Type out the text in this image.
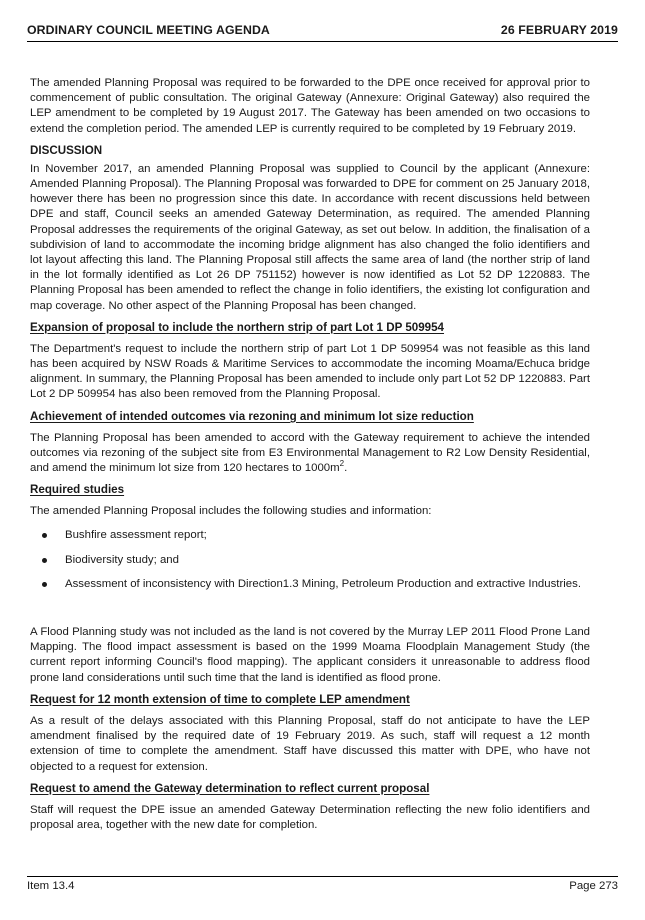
ORDINARY COUNCIL MEETING AGENDA	26 FEBRUARY 2019

The amended Planning Proposal was required to be forwarded to the DPE once received for approval prior to commencement of public consultation. The original Gateway (Annexure: Original Gateway) also required the LEP amendment to be completed by 19 August 2017. The Gateway has been amended on two occasions to extend the completion period. The amended LEP is currently required to be completed by 19 February 2019.

DISCUSSION

In November 2017, an amended Planning Proposal was supplied to Council by the applicant (Annexure: Amended Planning Proposal). The Planning Proposal was forwarded to DPE for comment on 25 January 2018, however there has been no progression since this date. In accordance with recent discussions held between DPE and staff, Council seeks an amended Gateway Determination, as required. The amended Planning Proposal addresses the requirements of the original Gateway, as set out below. In addition, the finalisation of a subdivision of land to accommodate the incoming bridge alignment has also changed the folio identifiers and lot layout affecting this land. The Planning Proposal still affects the same area of land (the norther strip of land in the lot formally identified as Lot 26 DP 751152) however is now identified as Lot 52 DP 1220883. The Planning Proposal has been amended to reflect the change in folio identifiers, the existing lot configuration and map coverage. No other aspect of the Planning Proposal has been changed.

Expansion of proposal to include the northern strip of part Lot 1 DP 509954

The Department's request to include the northern strip of part Lot 1 DP 509954 was not feasible as this land has been acquired by NSW Roads & Maritime Services to accommodate the incoming Moama/Echuca bridge alignment. In summary, the Planning Proposal has been amended to include only part Lot 52 DP 1220883. Part Lot 2 DP 509954 has also been removed from the Planning Proposal.

Achievement of intended outcomes via rezoning and minimum lot size reduction

The Planning Proposal has been amended to accord with the Gateway requirement to achieve the intended outcomes via rezoning of the subject site from E3 Environmental Management to R2 Low Density Residential, and amend the minimum lot size from 120 hectares to $1000m^2$.

Required studies

The amended Planning Proposal includes the following studies and information:

Bushfire assessment report;
Biodiversity study; and
Assessment of inconsistency with Direction1.3 Mining, Petroleum Production and extractive Industries.

A Flood Planning study was not included as the land is not covered by the Murray LEP 2011 Flood Prone Land Mapping. The flood impact assessment is based on the 1999 Moama Floodplain Management Study (the current report informing Council's flood mapping). The applicant considers it unreasonable to address flood prone land considerations until such time that the land is identified as flood prone.

Request for 12 month extension of time to complete LEP amendment

As a result of the delays associated with this Planning Proposal, staff do not anticipate to have the LEP amendment finalised by the required date of 19 February 2019. As such, staff will request a 12 month extension of time to complete the amendment. Staff have discussed this matter with DPE, who have not objected to a request for extension.

Request to amend the Gateway determination to reflect current proposal

Staff will request the DPE issue an amended Gateway Determination reflecting the new folio identifiers and proposal area, together with the new date for completion.

Item 13.4	Page 273
